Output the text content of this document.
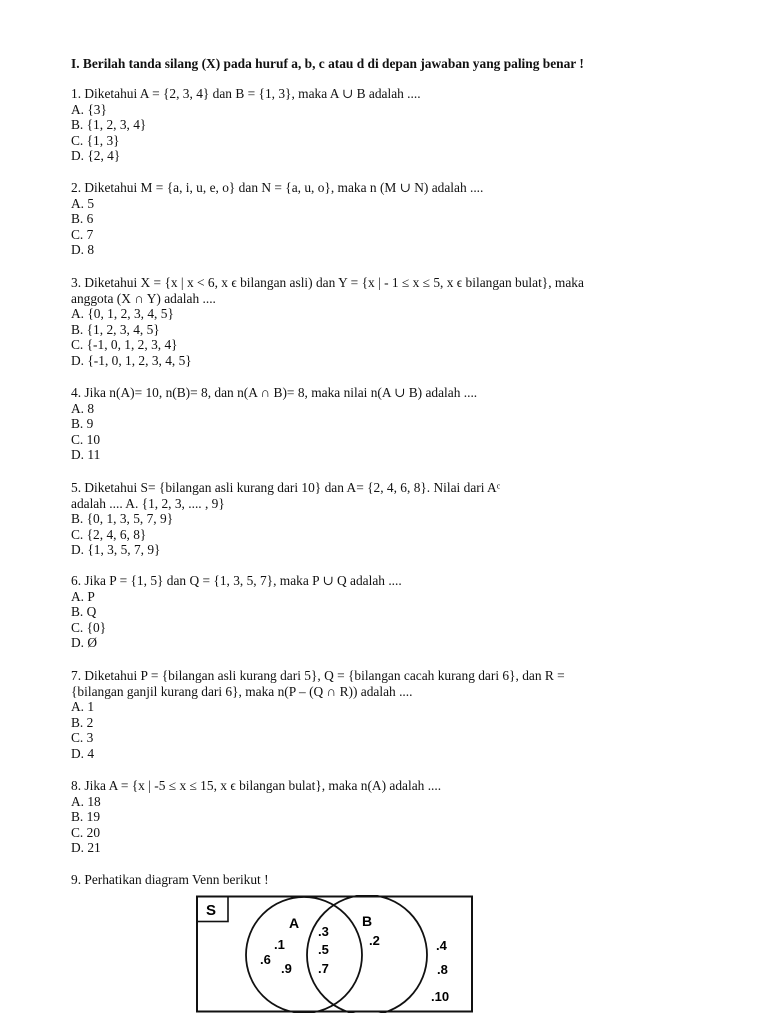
I. Berilah tanda silang (X) pada huruf a, b, c atau d di depan jawaban yang paling benar !
1. Diketahui A = {2, 3, 4} dan B = {1, 3}, maka A ∪ B adalah ....
A. {3}
B. {1, 2, 3, 4}
C. {1, 3}
D. {2, 4}
2. Diketahui M = {a, i, u, e, o} dan N = {a, u, o}, maka n (M ∪ N) adalah ....
A. 5
B. 6
C. 7
D. 8
3. Diketahui X = {x | x < 6, x ϵ bilangan asli) dan Y = {x | - 1 ≤ x ≤ 5, x ϵ bilangan bulat}, maka
anggota (X ∩ Y) adalah ....
A. {0, 1, 2, 3, 4, 5}
B. {1, 2, 3, 4, 5}
C. {-1, 0, 1, 2, 3, 4}
D. {-1, 0, 1, 2, 3, 4, 5}
4. Jika n(A)= 10, n(B)= 8, dan n(A ∩ B)= 8, maka nilai n(A ∪ B) adalah ....
A. 8
B. 9
C. 10
D. 11
5. Diketahui S= {bilangan asli kurang dari 10} dan A= {2, 4, 6, 8}. Nilai dari Aᶜ
adalah .... A. {1, 2, 3, .... , 9}
B. {0, 1, 3, 5, 7, 9}
C. {2, 4, 6, 8}
D. {1, 3, 5, 7, 9}
6. Jika P = {1, 5} dan Q = {1, 3, 5, 7}, maka P ∪ Q adalah ....
A. P
B. Q
C. {0}
D. Ø
7. Diketahui P = {bilangan asli kurang dari 5}, Q = {bilangan cacah kurang dari 6}, dan R =
{bilangan ganjil kurang dari 6}, maka n(P – (Q ∩ R)) adalah ....
A. 1
B. 2
C. 3
D. 4
8. Jika A = {x | -5 ≤ x ≤ 15, x ϵ bilangan bulat}, maka n(A) adalah ....
A. 18
B. 19
C. 20
D. 21
9. Perhatikan diagram Venn berikut !
S
A	B
.1
.6
.9
.3
.5
.7
.2	.4
.8
.10
